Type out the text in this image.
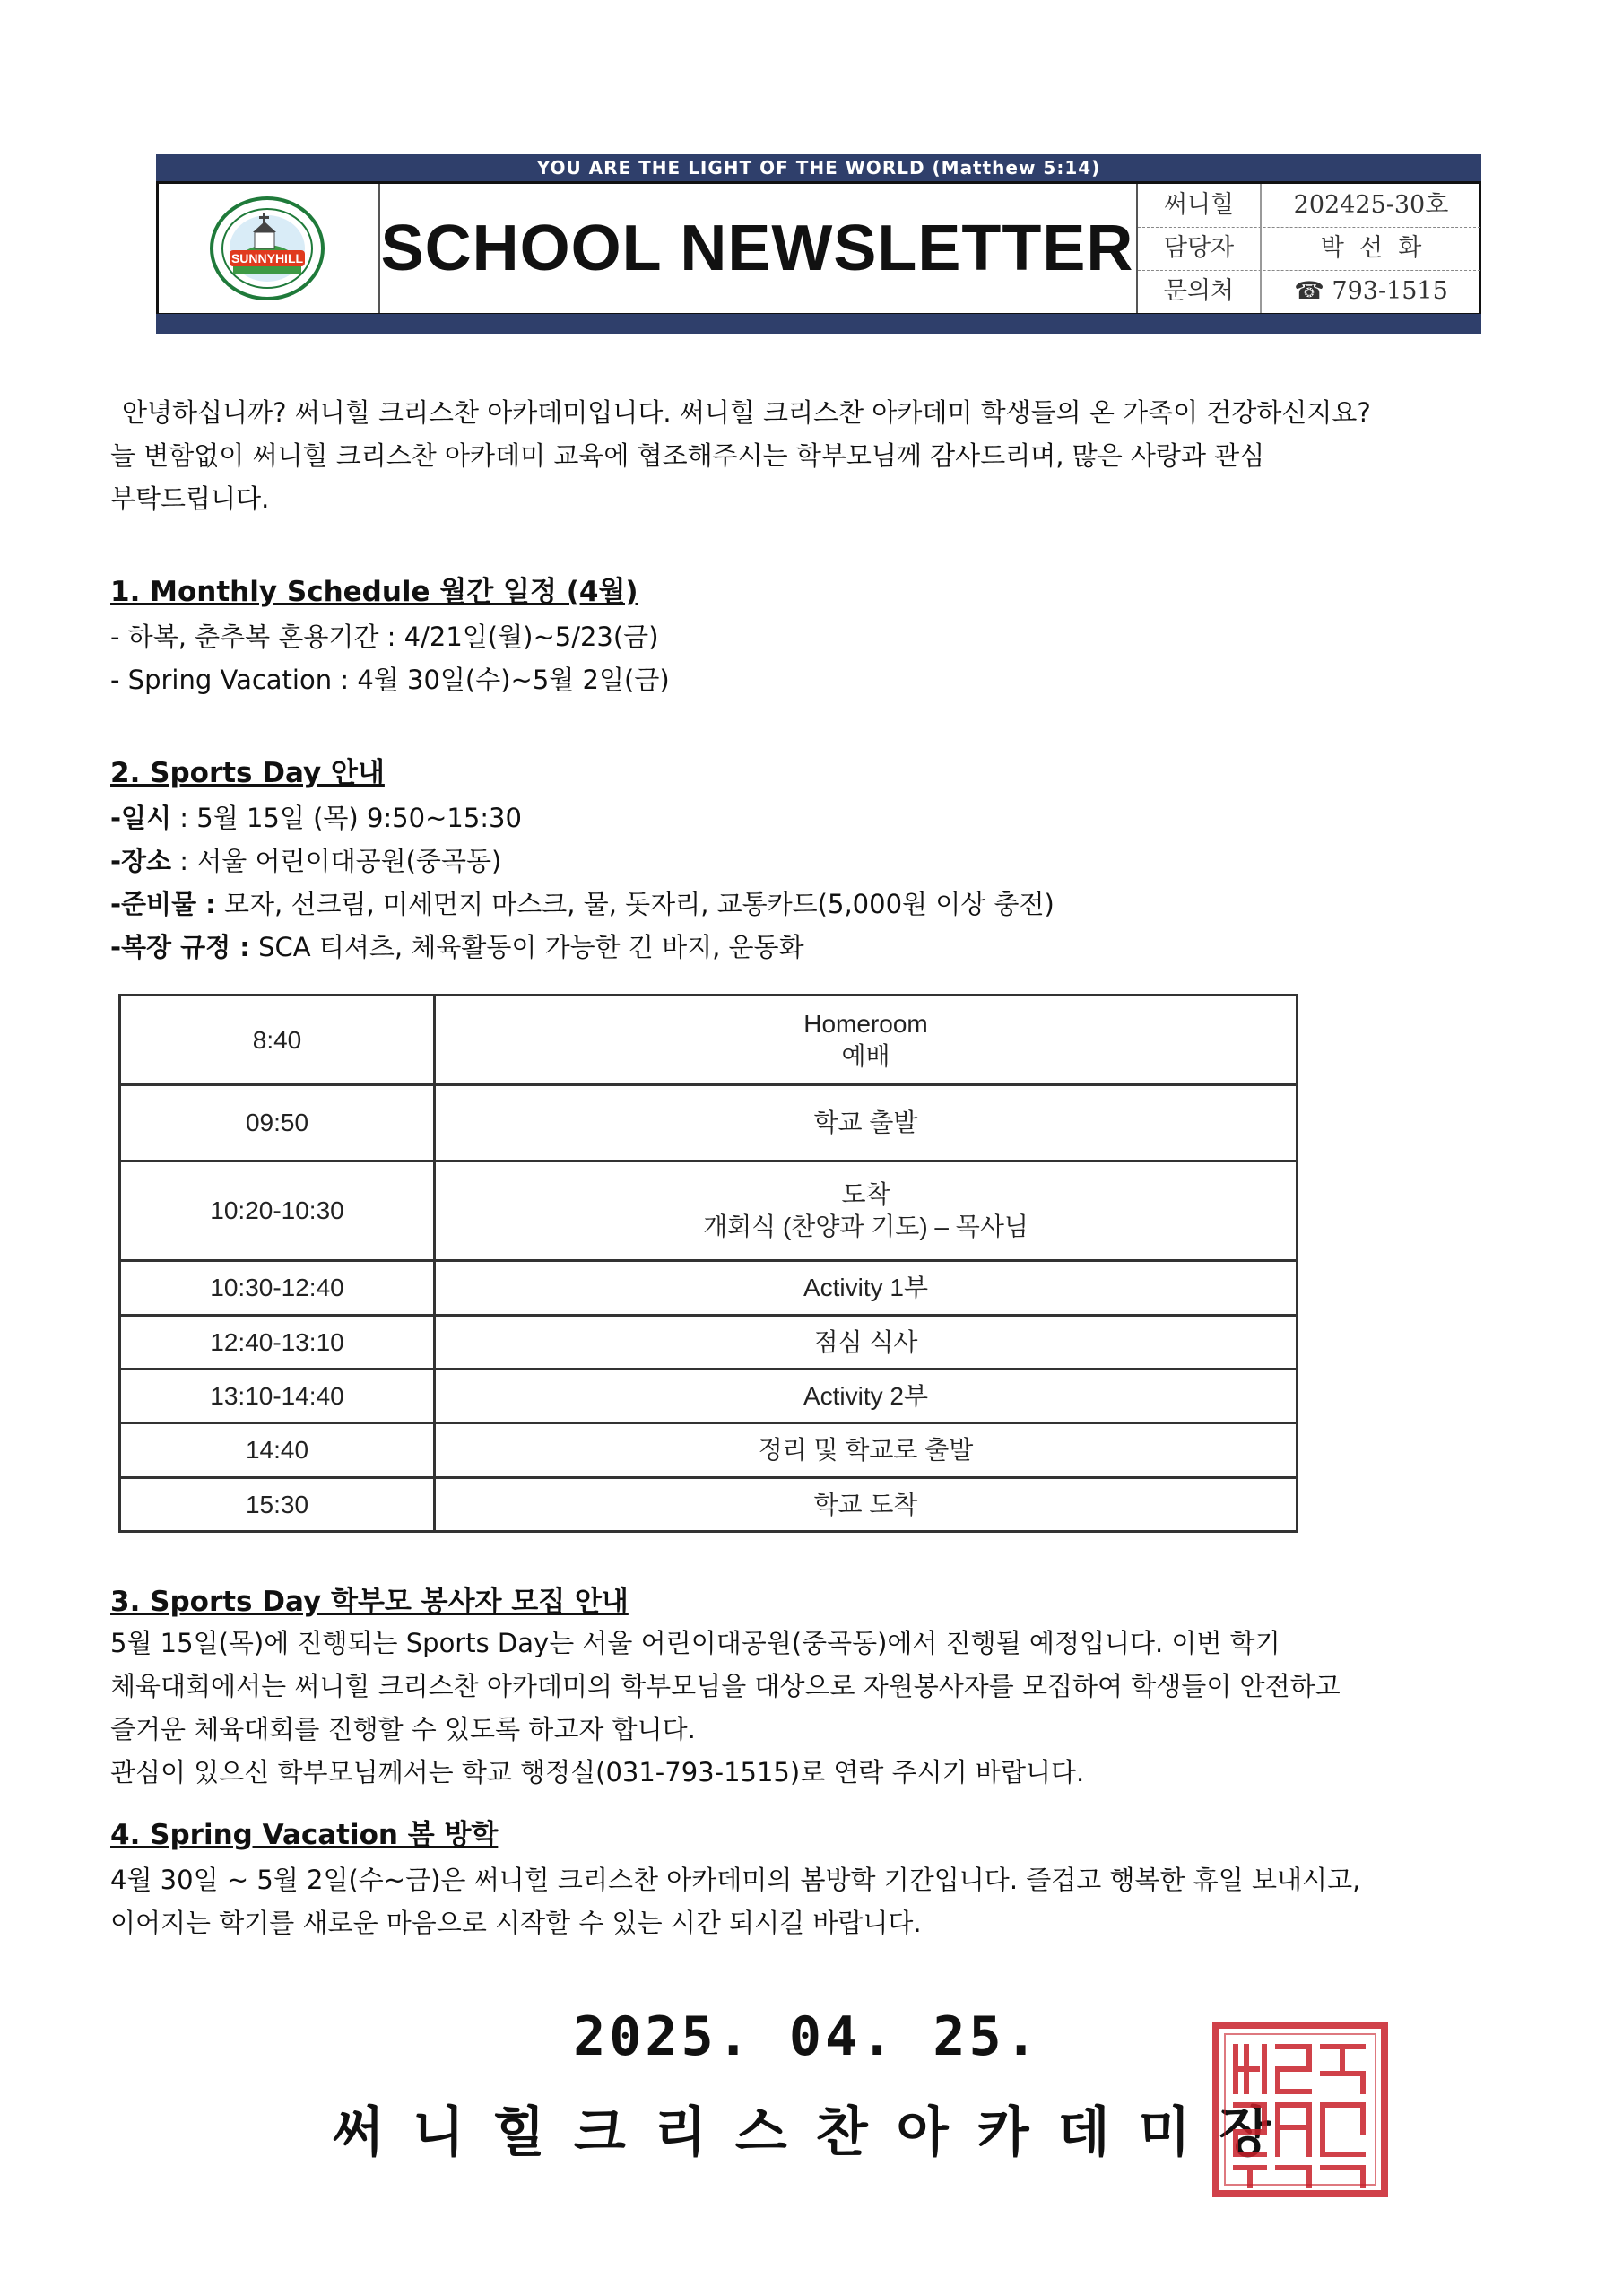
YOU ARE THE LIGHT OF THE WORLD (Matthew 5:14)
SUNNYHILL SCHOOL NEWSLETTER
써니힐	202425-30호
담당자	박  선  화
문의처	☎ 793-1515
안녕하십니까? 써니힐 크리스찬 아카데미입니다. 써니힐 크리스찬 아카데미 학생들의 온 가족이 건강하신지요?
늘 변함없이 써니힐 크리스찬 아카데미 교육에 협조해주시는 학부모님께 감사드리며, 많은 사랑과 관심
부탁드립니다.
1. Monthly Schedule 월간 일정 (4월)
- 하복, 춘추복 혼용기간 : 4/21일(월)~5/23(금)
- Spring Vacation : 4월 30일(수)~5월 2일(금)
2. Sports Day 안내
-일시 : 5월 15일 (목) 9:50~15:30
-장소 : 서울 어린이대공원(중곡동)
-준비물 : 모자, 선크림, 미세먼지 마스크, 물, 돗자리, 교통카드(5,000원 이상 충전)
-복장 규정 : SCA 티셔츠, 체육활동이 가능한 긴 바지, 운동화
8:40	Homeroom
예배

09:50	학교 출발

10:20-10:30	도착
개회식 (찬양과 기도) – 목사님

10:30-12:40	Activity 1부

12:40-13:10	점심 식사

13:10-14:40	Activity 2부

14:40	정리 및 학교로 출발

15:30	학교 도착
3. Sports Day 학부모 봉사자 모집 안내
5월 15일(목)에 진행되는 Sports Day는 서울 어린이대공원(중곡동)에서 진행될 예정입니다. 이번 학기
체육대회에서는 써니힐 크리스찬 아카데미의 학부모님을 대상으로 자원봉사자를 모집하여 학생들이 안전하고
즐거운 체육대회를 진행할 수 있도록 하고자 합니다.
관심이 있으신 학부모님께서는 학교 행정실(031-793-1515)로 연락 주시기 바랍니다.
4. Spring Vacation 봄 방학
4월 30일 ~ 5월 2일(수~금)은 써니힐 크리스찬 아카데미의 봄방학 기간입니다. 즐겁고 행복한 휴일 보내시고,
이어지는 학기를 새로운 마음으로 시작할 수 있는 시간 되시길 바랍니다.
2025. 04. 25.
써니힐크리스찬아카데미장
